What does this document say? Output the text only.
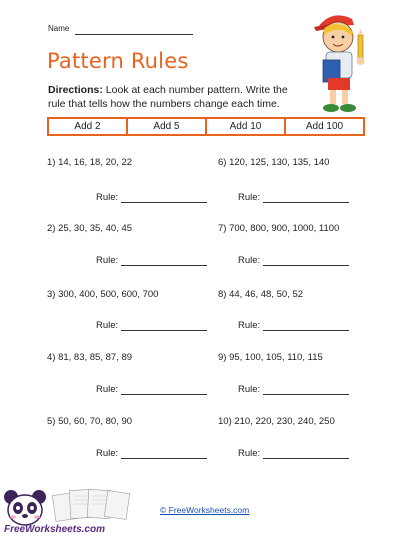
Name
Pattern Rules
Directions: Look at each number pattern. Write the rule that tells how the numbers change each time.
Add 2	Add 5	Add 10	Add 100
1) 14, 16, 18, 20, 22
2) 25, 30, 35, 40, 45
3) 300, 400, 500, 600, 700
4) 81, 83, 85, 87, 89
5) 50, 60, 70, 80, 90
6) 120, 125, 130, 135, 140
7) 700, 800, 900, 1000, 1100
8) 44, 46, 48, 50, 52
9) 95, 100, 105, 110, 115
10) 210, 220, 230, 240, 250
Rule:
Rule:
Rule:
Rule:
Rule:
Rule:
Rule:
Rule:
Rule:
Rule:
FreeWorksheets.com
© FreeWorksheets.com
